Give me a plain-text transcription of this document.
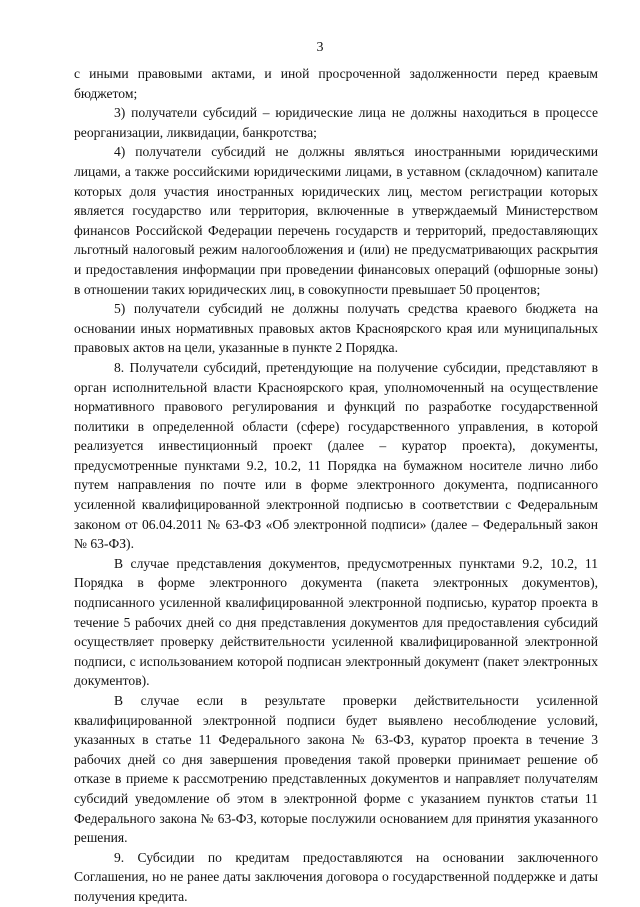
3

с иными правовыми актами, и иной просроченной задолженности перед краевым бюджетом;

3) получатели субсидий – юридические лица не должны находиться в процессе реорганизации, ликвидации, банкротства;

4) получатели субсидий не должны являться иностранными юридическими лицами, а также российскими юридическими лицами, в уставном (складочном) капитале которых доля участия иностранных юридических лиц, местом регистрации которых является государство или территория, включенные в утверждаемый Министерством финансов Российской Федерации перечень государств и территорий, предоставляющих льготный налоговый режим налогообложения и (или) не предусматривающих раскрытия и предоставления информации при проведении финансовых операций (офшорные зоны) в отношении таких юридических лиц, в совокупности превышает 50 процентов;

5) получатели субсидий не должны получать средства краевого бюджета на основании иных нормативных правовых актов Красноярского края или муниципальных правовых актов на цели, указанные в пункте 2 Порядка.

8. Получатели субсидий, претендующие на получение субсидии, представляют в орган исполнительной власти Красноярского края, уполномоченный на осуществление нормативного правового регулирования и функций по разработке государственной политики в определенной области (сфере) государственного управления, в которой реализуется инвестиционный проект (далее – куратор проекта), документы, предусмотренные пунктами 9.2, 10.2, 11 Порядка на бумажном носителе лично либо путем направления по почте или в форме электронного документа, подписанного усиленной квалифицированной электронной подписью в соответствии с Федеральным законом от 06.04.2011 № 63-ФЗ «Об электронной подписи» (далее – Федеральный закон № 63-ФЗ).

В случае представления документов, предусмотренных пунктами 9.2, 10.2, 11 Порядка в форме электронного документа (пакета электронных документов), подписанного усиленной квалифицированной электронной подписью, куратор проекта в течение 5 рабочих дней со дня представления документов для предоставления субсидий осуществляет проверку действительности усиленной квалифицированной электронной подписи, с использованием которой подписан электронный документ (пакет электронных документов).

В случае если в результате проверки действительности усиленной квалифицированной электронной подписи будет выявлено несоблюдение условий, указанных в статье 11 Федерального закона № 63-ФЗ, куратор проекта в течение 3 рабочих дней со дня завершения проведения такой проверки принимает решение об отказе в приеме к рассмотрению представленных документов и направляет получателям субсидий уведомление об этом в электронной форме с указанием пунктов статьи 11 Федерального закона № 63-ФЗ, которые послужили основанием для принятия указанного решения.

9. Субсидии по кредитам предоставляются на основании заключенного Соглашения, но не ранее даты заключения договора о государственной поддержке и даты получения кредита.
